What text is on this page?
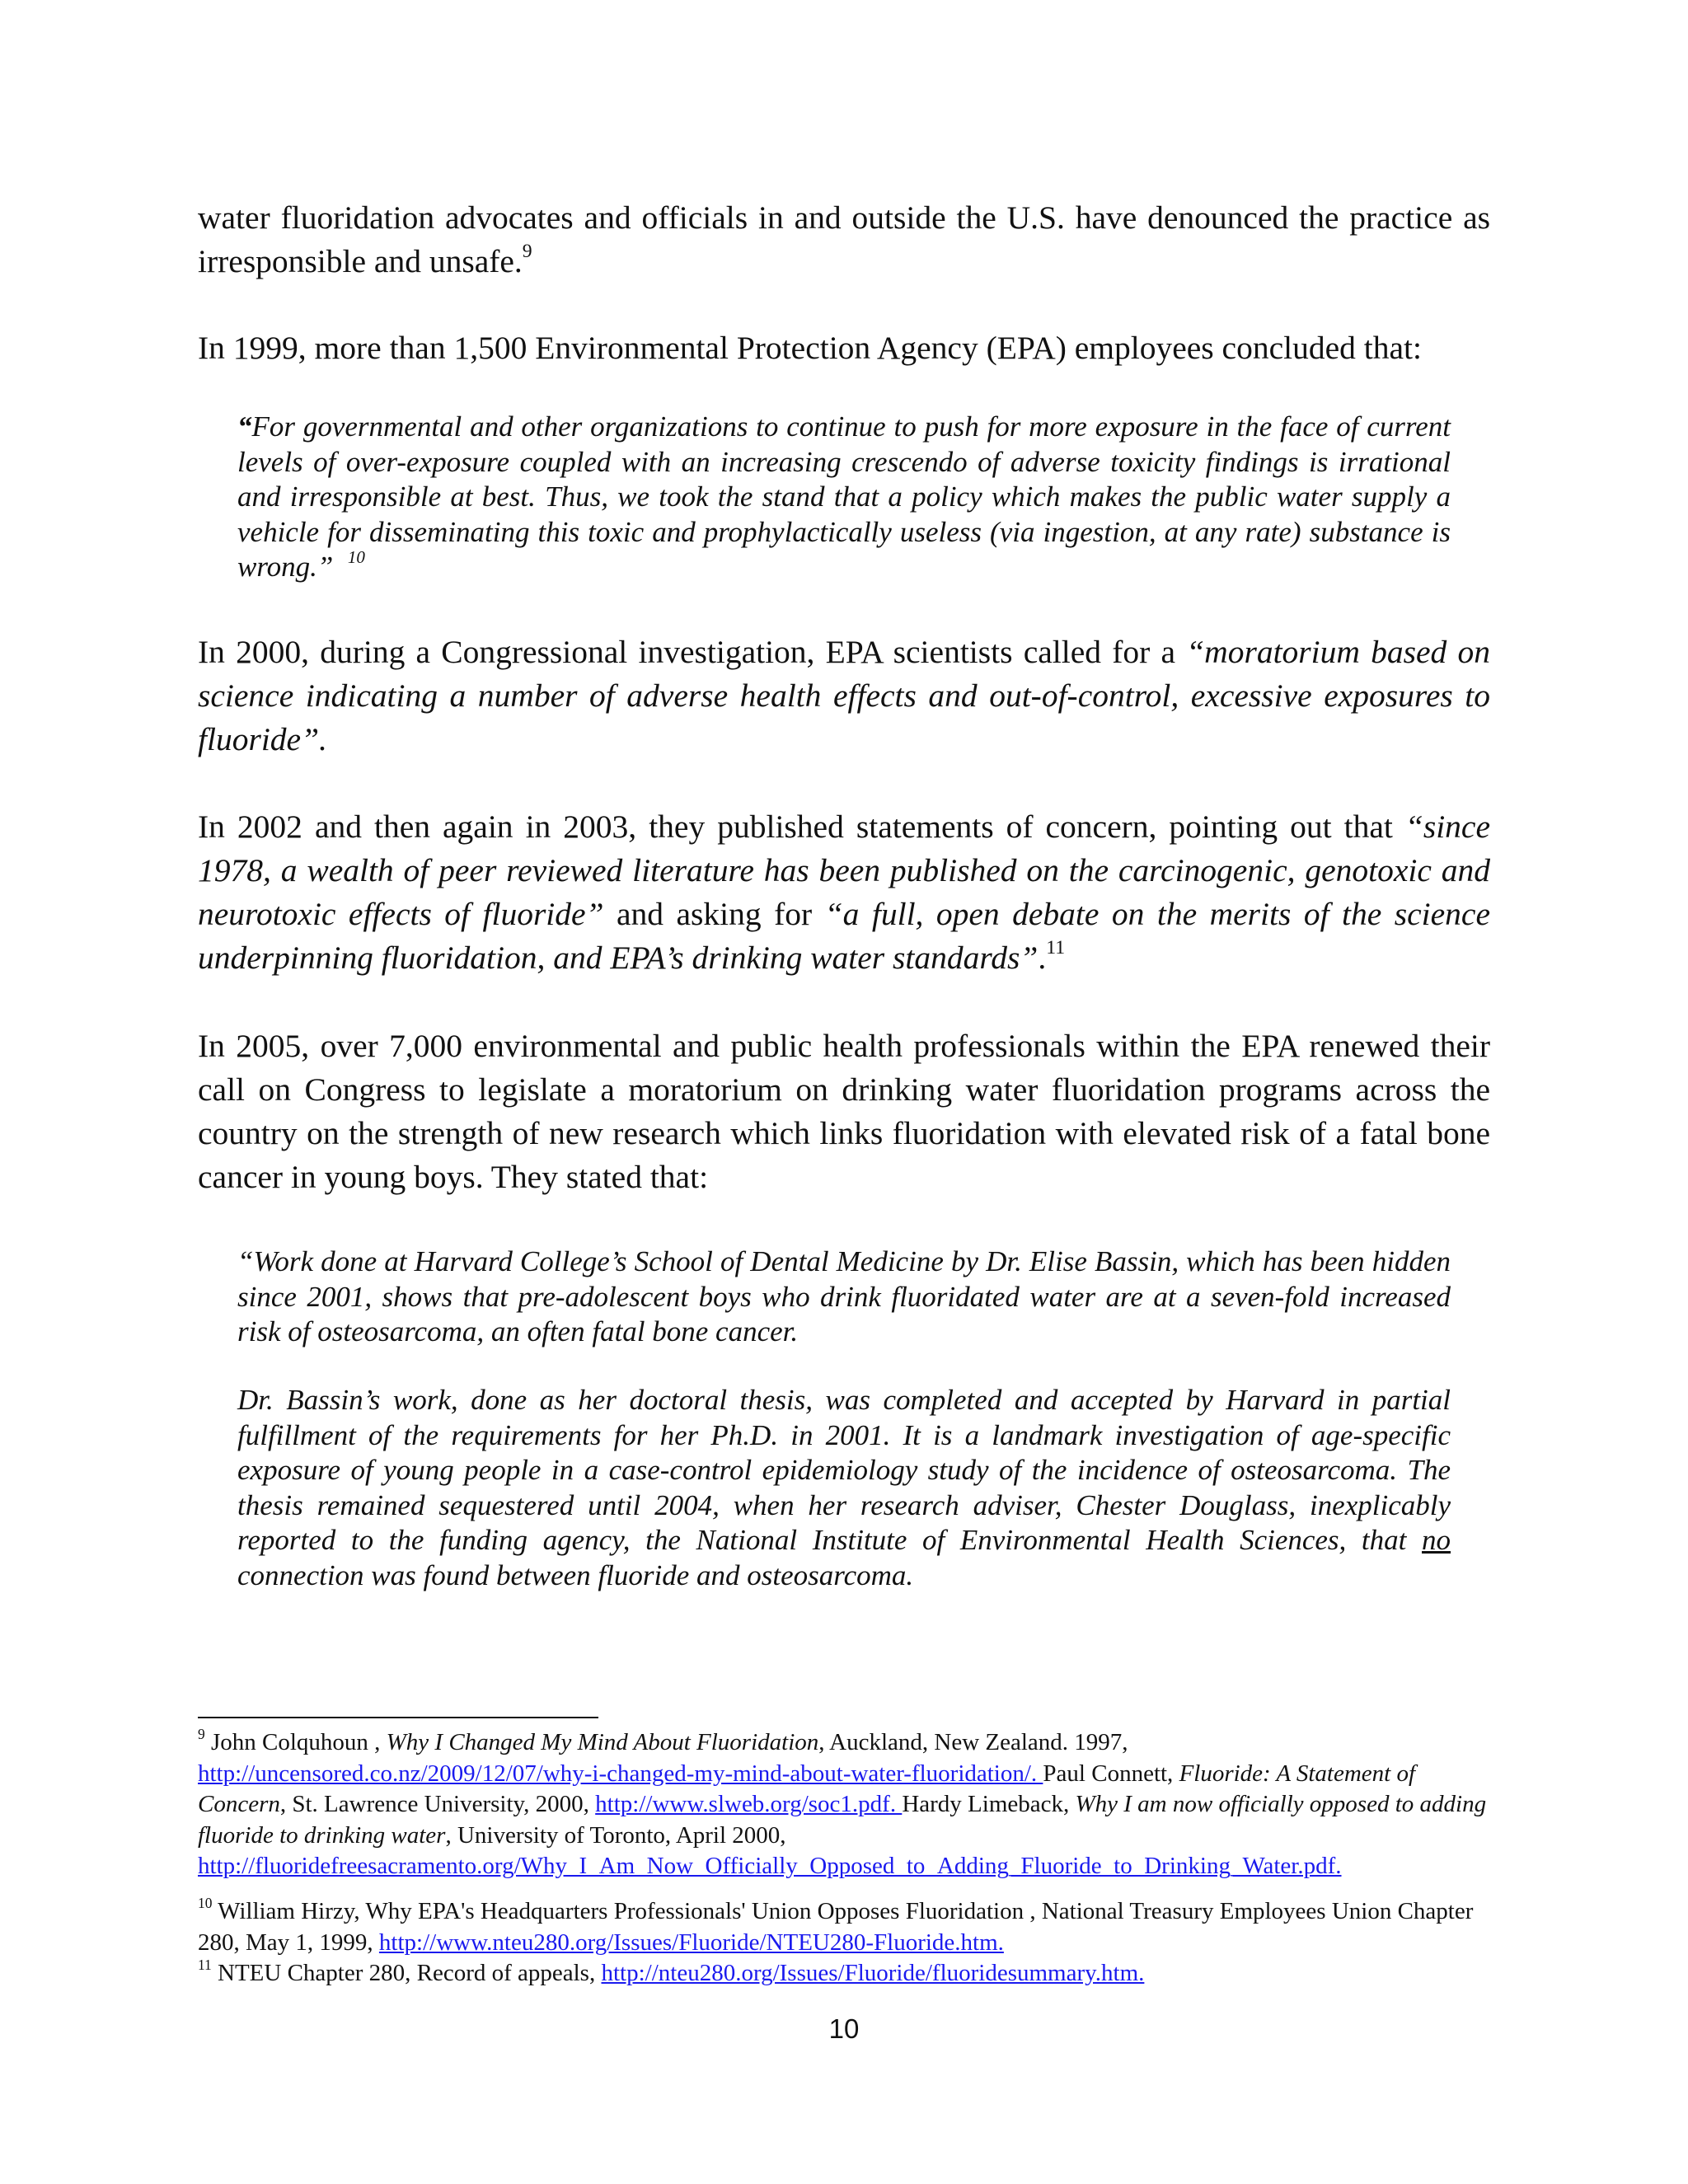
water fluoridation advocates and officials in and outside the U.S. have denounced the practice as irresponsible and unsafe.$^9$

In 1999, more than 1,500 Environmental Protection Agency (EPA) employees concluded that:

“For governmental and other organizations to continue to push for more exposure in the face of current levels of over-exposure coupled with an increasing crescendo of adverse toxicity findings is irrational and irresponsible at best. Thus, we took the stand that a policy which makes the public water supply a vehicle for disseminating this toxic and prophylactically useless (via ingestion, at any rate) substance is wrong.” $^{10}$

In 2000, during a Congressional investigation, EPA scientists called for a “moratorium based on science indicating a number of adverse health effects and out-of-control, excessive exposures to fluoride”.

In 2002 and then again in 2003, they published statements of concern, pointing out that “since 1978, a wealth of peer reviewed literature has been published on the carcinogenic, genotoxic and neurotoxic effects of fluoride” and asking for “a full, open debate on the merits of the science underpinning fluoridation, and EPA’s drinking water standards”.$^{11}$

In 2005, over 7,000 environmental and public health professionals within the EPA renewed their call on Congress to legislate a moratorium on drinking water fluoridation programs across the country on the strength of new research which links fluoridation with elevated risk of a fatal bone cancer in young boys. They stated that:

“Work done at Harvard College’s School of Dental Medicine by Dr. Elise Bassin, which has been hidden since 2001, shows that pre-adolescent boys who drink fluoridated water are at a seven-fold increased risk of osteosarcoma, an often fatal bone cancer.

Dr. Bassin’s work, done as her doctoral thesis, was completed and accepted by Harvard in partial fulfillment of the requirements for her Ph.D. in 2001. It is a landmark investigation of age-specific exposure of young people in a case-control epidemiology study of the incidence of osteosarcoma. The thesis remained sequestered until 2004, when her research adviser, Chester Douglass, inexplicably reported to the funding agency, the National Institute of Environmental Health Sciences, that no connection was found between fluoride and osteosarcoma.

$^9$ John Colquhoun , Why I Changed My Mind About Fluoridation, Auckland, New Zealand. 1997, http://uncensored.co.nz/2009/12/07/why-i-changed-my-mind-about-water-fluoridation/. Paul Connett, Fluoride: A Statement of Concern, St. Lawrence University, 2000, http://www.slweb.org/soc1.pdf. Hardy Limeback, Why I am now officially opposed to adding fluoride to drinking water, University of Toronto, April 2000, http://fluoridefreesacramento.org/Why_I_Am_Now_Officially_Opposed_to_Adding_Fluoride_to_Drinking_Water.pdf.

$^{10}$ William Hirzy, Why EPA's Headquarters Professionals' Union Opposes Fluoridation , National Treasury Employees Union Chapter 280, May 1, 1999, http://www.nteu280.org/Issues/Fluoride/NTEU280-Fluoride.htm.

$^{11}$ NTEU Chapter 280, Record of appeals, http://nteu280.org/Issues/Fluoride/fluoridesummary.htm.

10
